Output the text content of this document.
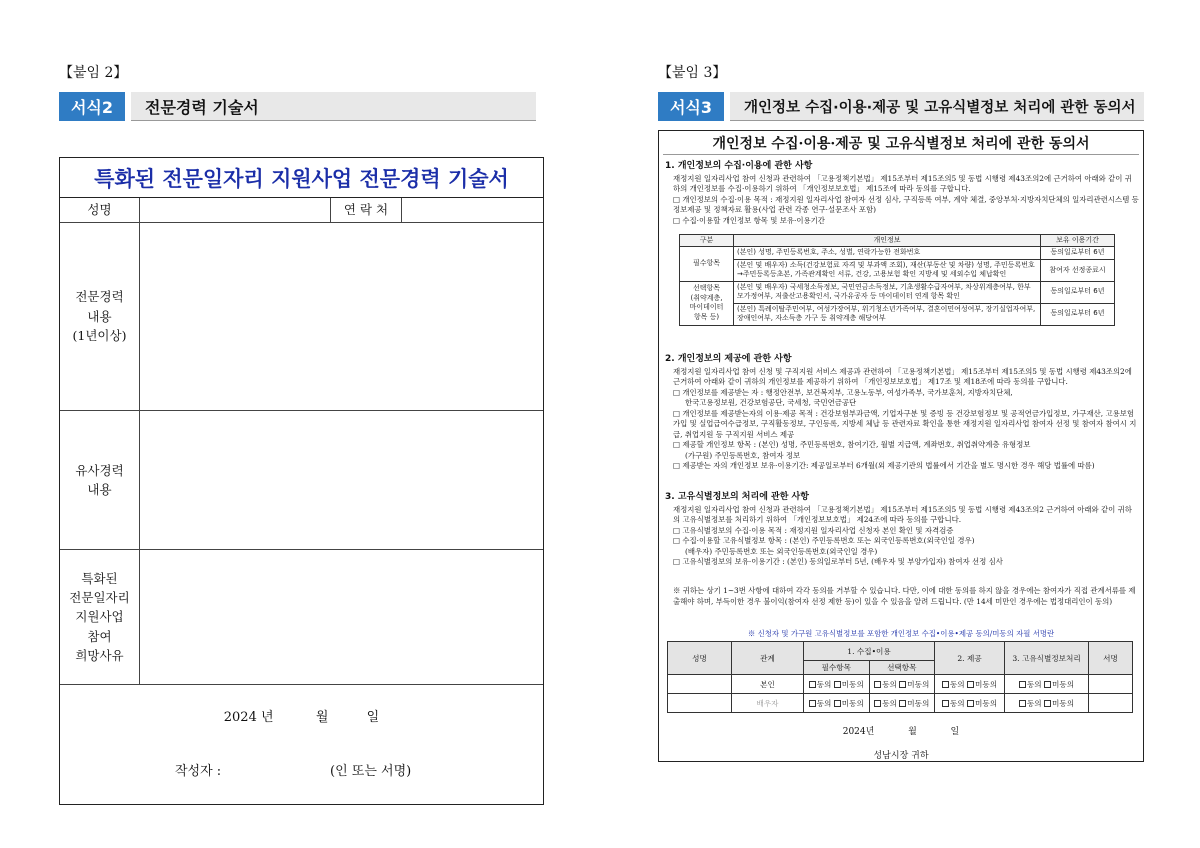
【붙임 2】
서식2	전문경력 기술서
특화된 전문일자리 지원사업 전문경력 기술서
성명	연 락 처
전문경력
내용
(1년이상)
유사경력
내용
특화된
전문일자리
지원사업
참여
희망사유
2024 년	월	일
작성자 :	(인 또는 서명)
【붙임 3】
서식3	개인정보 수집·이용·제공 및 고유식별정보 처리에 관한 동의서
개인정보 수집·이용·제공 및 고유식별정보 처리에 관한 동의서
1. 개인정보의 수집·이용에 관한 사항

재정지원 일자리사업 참여 신청과 관련하여 「고용정책기본법」 제15조부터 제15조의5 및 동법 시행령 제43조의2에 근거하여 아래와 같이 귀하의 개인정보를 수집·이용하기 위하여 「개인정보보호법」 제15조에 따라 동의를 구합니다.

□ 개인정보의 수집·이용 목적 : 재정지원 일자리사업 참여자 선정 심사, 구직등록 여부, 계약 체결, 중앙부처·지방자치단체의 일자리관련시스템 등 정보제공 및 정책자료 활용(사업 관련 각종 연구·설문조사 포함)

□ 수집·이용할 개인정보 항목 및 보유·이용기간

구분	개인정보	보유 이용기간
필수항목	(본인) 성명, 주민등록번호, 주소, 성별, 연락가능한 전화번호	동의일로부터 6년
	(본인 및 배우자) 소득(건강보험료 자격 및 부과액 조회), 재산(부동산 및 차량) 성명, 주민등록번호→주민등록등초본, 가족관계확인 서류, 건강, 고용보험 확인 지방세 및 세외수입 체납확인	참여자 선정종료시
선택항목
(취약계층,
마이데이터
항목 등)	(본인 및 배우자) 국세청소득정보, 국민연금소득정보, 기초생활수급자여부, 차상위계층여부, 한부모가정여부, 저출산고용확인서, 국가유공자 등 마이데이터 연계 항목 확인	동의일로부터 6년
	(본인) 특례이탈주민여부, 여성가장여부, 위기청소년가족여부, 결혼이민여성여부, 장기실업자여부, 장애인여부, 자소득층 가구 등 취약계층 해당여부	동의일로부터 6년
2. 개인정보의 제공에 관한 사항

재정지원 일자리사업 참여 신청 및 구직지원 서비스 제공과 관련하여 「고용정책기본법」 제15조부터 제15조의5 및 동법 시행령 제43조의2에 근거하여 아래와 같이 귀하의 개인정보를 제공하기 위하여 「개인정보보호법」 제17조 및 제18조에 따라 동의를 구합니다.

□ 개인정보를 제공받는 자 : 행정안전부, 보건복지부, 고용노동부, 여성가족부, 국가보훈처, 지방자치단체,

한국고용정보원, 건강보험공단, 국세청, 국민연금공단

□ 개인정보를 제공받는자의 이용·제공 목적 : 건강보험부과금액, 기업자구분 및 증빙 등 건강보험정보 및 공적연금가입정보, 가구재산, 고용보험가입 및 실업급여수급정보, 구직활동정보, 구인등록, 지방세 체납 등 관련자료 확인을 통한 재정지원 일자리사업 참여자 선정 및 참여자 참여시 지급, 취업지원 등 구직지원 서비스 제공

□ 제공할 개인정보 항목 : (본인) 성명, 주민등록번호, 참여기간, 월별 지급액, 계좌번호, 취업취약계층 유형정보

(가구원) 주민등록번호, 참여자 정보

□ 제공받는 자의 개인정보 보유·이용기간: 제공일로부터 6개월(외 제공기관의 법률에서 기간을 별도 명시한 경우 해당 법률에 따름)

3. 고유식별정보의 처리에 관한 사항

재정지원 일자리사업 참여 신청과 관련하여 「고용정책기본법」 제15조부터 제15조의5 및 동법 시행령 제43조의2 근거하여 아래와 같이 귀하의 고유식별정보를 처리하기 위하여 「개인정보보호법」 제24조에 따라 동의를 구합니다.

□ 고유식별정보의 수집·이용 목적 : 재정지원 일자리사업 신청자 본인 확인 및 자격검증

□ 수집·이용할 고유식별정보 항목 : (본인) 주민등록번호 또는 외국인등록번호(외국인일 경우)

(배우자) 주민등록번호 또는 외국인등록번호(외국인일 경우)

□ 고유식별정보의 보유·이용기간 : (본인) 동의일로부터 5년, (배우자 및 부양가입자) 참여자 선정 심사

※ 귀하는 상기 1~3번 사항에 대하여 각각 동의를 거부할 수 있습니다. 다만, 이에 대한 동의를 하지 않을 경우에는 참여자가 직접 관계서류를 제출해야 하며, 부득이한 경우 불이익(참여자 선정 제한 등)이 있을 수 있음을 알려 드립니다. (만 14세 미만인 경우에는 법정대리인이 동의)

※ 신청자 및 가구원 고유식별정보를 포함한 개인정보 수집•이용•제공 동의/미동의 자필 서명란
성명	관계	1. 수집•이용		2. 제공	3. 고유식별정보처리	서명
		필수항목	선택항목			
	본인	동의 미동의	동의 미동의	동의 미동의	동의 미동의	
	배우자	동의 미동의	동의 미동의	동의 미동의	동의 미동의	
2024년	월	일
성남시장 귀하
